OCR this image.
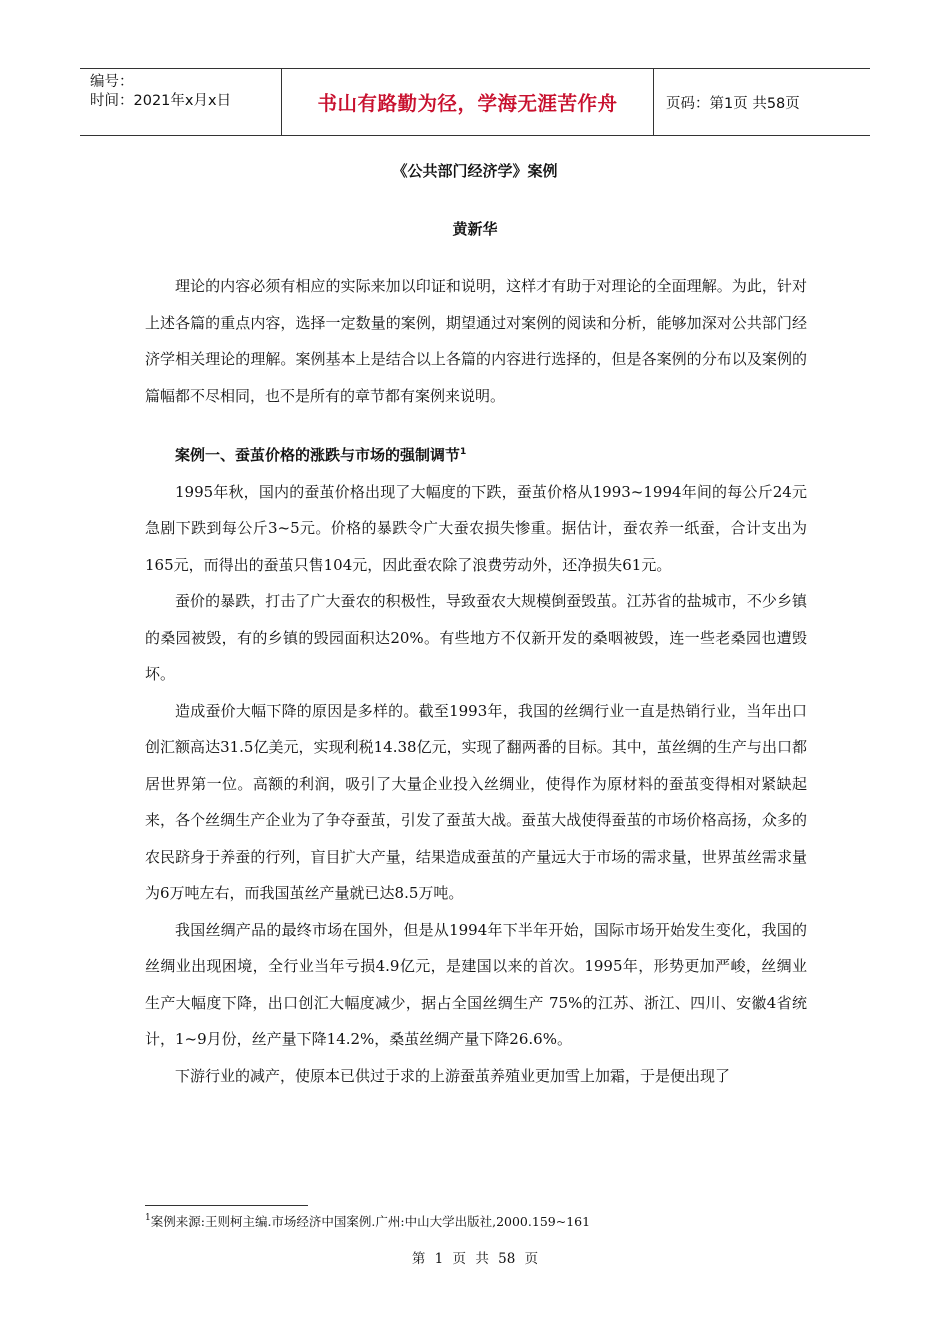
编号：
时间：2021年x月x日	书山有路勤为径，学海无涯苦作舟	页码：第1页 共58页
《公共部门经济学》案例
黄新华

理论的内容必须有相应的实际来加以印证和说明，这样才有助于对理论的全面理解。为此，针对上述各篇的重点内容，选择一定数量的案例，期望通过对案例的阅读和分析，能够加深对公共部门经济学相关理论的理解。案例基本上是结合以上各篇的内容进行选择的，但是各案例的分布以及案例的篇幅都不尽相同，也不是所有的章节都有案例来说明。

案例一、蚕茧价格的涨跌与市场的强制调节$^1$

1995年秋，国内的蚕茧价格出现了大幅度的下跌，蚕茧价格从1993~1994年间的每公斤24元急剧下跌到每公斤3~5元。价格的暴跌令广大蚕农损失惨重。据估计，蚕农养一纸蚕，合计支出为165元，而得出的蚕茧只售104元，因此蚕农除了浪费劳动外，还净损失61元。

蚕价的暴跌，打击了广大蚕农的积极性，导致蚕农大规模倒蚕毁茧。江苏省的盐城市，不少乡镇的桑园被毁，有的乡镇的毁园面积达20%。有些地方不仅新开发的桑咽被毁，连一些老桑园也遭毁坏。

造成蚕价大幅下降的原因是多样的。截至1993年，我国的丝绸行业一直是热销行业，当年出口创汇额高达31.5亿美元，实现利税14.38亿元，实现了翻两番的目标。其中，茧丝绸的生产与出口都居世界第一位。高额的利润，吸引了大量企业投入丝绸业，使得作为原材料的蚕茧变得相对紧缺起来，各个丝绸生产企业为了争夺蚕茧，引发了蚕茧大战。蚕茧大战使得蚕茧的市场价格高扬，众多的农民跻身于养蚕的行列，盲目扩大产量，结果造成蚕茧的产量远大于市场的需求量，世界茧丝需求量为6万吨左右，而我国茧丝产量就已达8.5万吨。

我国丝绸产品的最终市场在国外，但是从1994年下半年开始，国际市场开始发生变化，我国的丝绸业出现困境，全行业当年亏损4.9亿元，是建国以来的首次。1995年，形势更加严峻，丝绸业生产大幅度下降，出口创汇大幅度减少，据占全国丝绸生产 75%的江苏、浙江、四川、安徽4省统计，1~9月份，丝产量下降14.2%，桑茧丝绸产量下降26.6%。

下游行业的减产，使原本已供过于求的上游蚕茧养殖业更加雪上加霜，于是便出现了

$^1$案例来源:王则柯主编.市场经济中国案例.广州:中山大学出版社,2000.159~161
第 1 页 共 58 页
